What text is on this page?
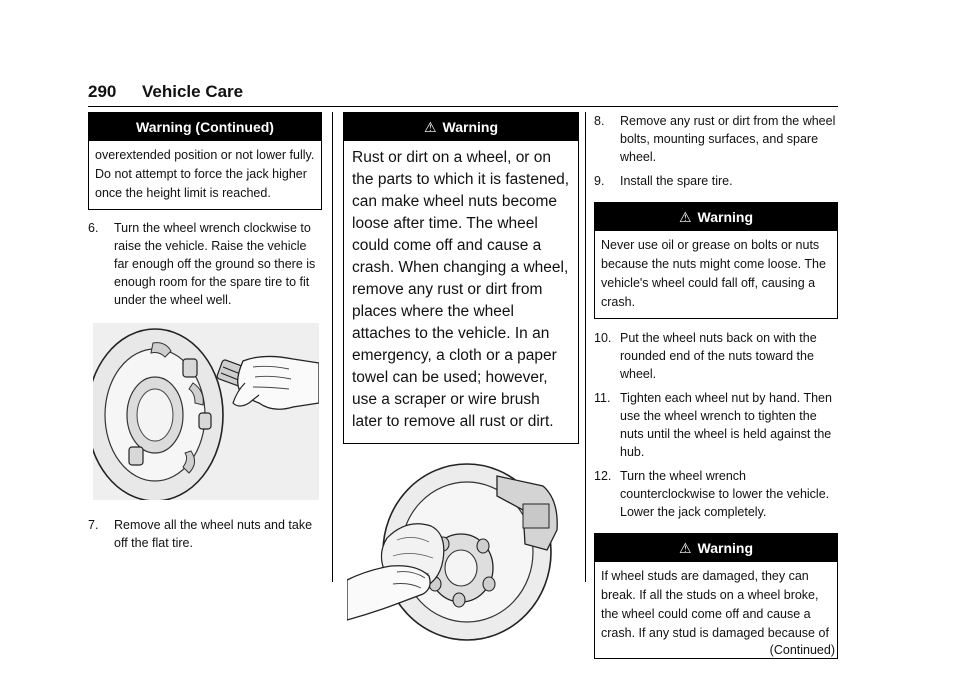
290 Vehicle Care
Warning (Continued)
overextended position or not lower fully. Do not attempt to force the jack higher once the height limit is reached.
6. Turn the wheel wrench clockwise to raise the vehicle. Raise the vehicle far enough off the ground so there is enough room for the spare tire to fit under the wheel well.
7. Remove all the wheel nuts and take off the flat tire.
⚠ Warning
Rust or dirt on a wheel, or on the parts to which it is fastened, can make wheel nuts become loose after time. The wheel could come off and cause a crash. When changing a wheel, remove any rust or dirt from places where the wheel attaches to the vehicle. In an emergency, a cloth or a paper towel can be used; however, use a scraper or wire brush later to remove all rust or dirt.
8. Remove any rust or dirt from the wheel bolts, mounting surfaces, and spare wheel.
9. Install the spare tire.
⚠ Warning
Never use oil or grease on bolts or nuts because the nuts might come loose. The vehicle's wheel could fall off, causing a crash.
10. Put the wheel nuts back on with the rounded end of the nuts toward the wheel.
11. Tighten each wheel nut by hand. Then use the wheel wrench to tighten the nuts until the wheel is held against the hub.
12. Turn the wheel wrench counterclockwise to lower the vehicle. Lower the jack completely.
⚠ Warning
If wheel studs are damaged, they can break. If all the studs on a wheel broke, the wheel could come off and cause a crash. If any stud is damaged because of
(Continued)
